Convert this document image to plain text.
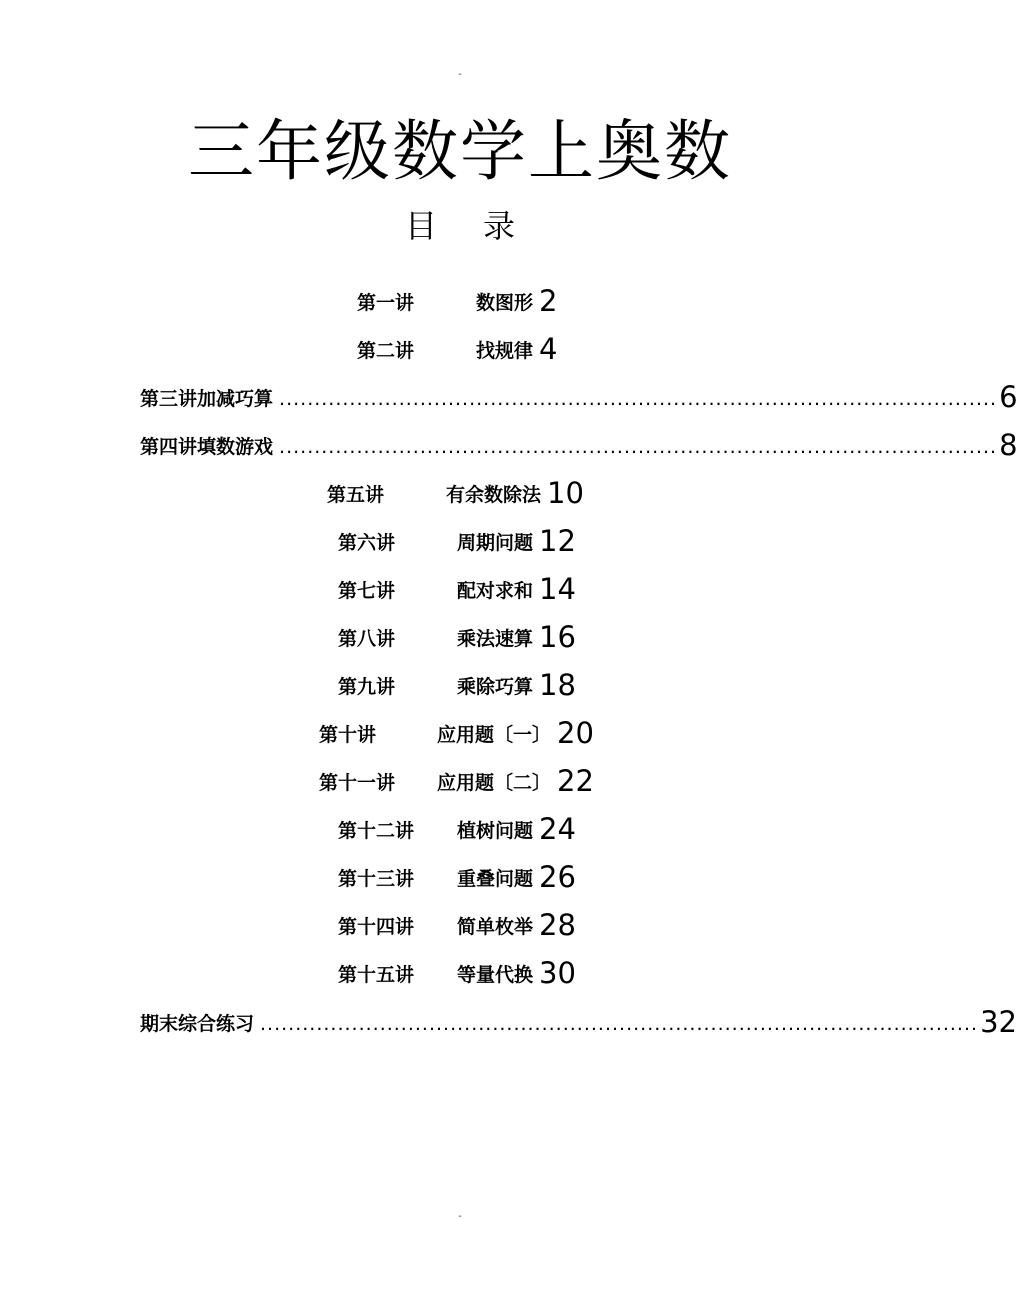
-
三年级数学上奥数
目 录
第一讲	数图形 2
第二讲	找规律 4
第三讲 加减巧算 ...................................................................................................... 6
第四讲 填数游戏 ...................................................................................................... 8
第五讲	有余数除法 10
第六讲	周期问题 12
第七讲	配对求和 14
第八讲	乘法速算 16
第九讲	乘除巧算 18
第十讲	应用题〔一〕 20
第十一讲	应用题〔二〕 22
第十二讲	植树问题 24
第十三讲	重叠问题 26
第十四讲	简单枚举 28
第十五讲	等量代换 30
期末综合练习 ...................................................................................................... 32
-
